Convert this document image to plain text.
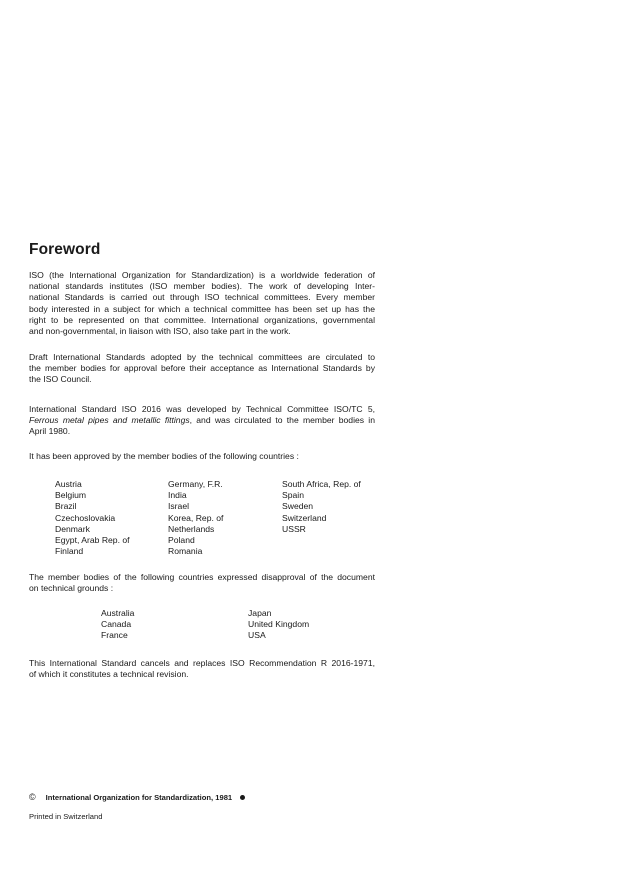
Foreword

ISO (the International Organization for Standardization) is a worldwide federation of
national standards institutes (ISO member bodies). The work of developing Inter-
national Standards is carried out through ISO technical committees. Every member
body interested in a subject for which a technical committee has been set up has the
right to be represented on that committee. International organizations, governmental
and non-governmental, in liaison with ISO, also take part in the work.

Draft International Standards adopted by the technical committees are circulated to
the member bodies for approval before their acceptance as International Standards by
the ISO Council.

International Standard ISO 2016 was developed by Technical Committee ISO/TC 5,
Ferrous metal pipes and metallic fittings, and was circulated to the member bodies in
April 1980.

It has been approved by the member bodies of the following countries :

Austria
Belgium
Brazil
Czechoslovakia
Denmark
Egypt, Arab Rep. of
Finland
Germany, F.R.
India
Israel
Korea, Rep. of
Netherlands
Poland
Romania
South Africa, Rep. of
Spain
Sweden
Switzerland
USSR

The member bodies of the following countries expressed disapproval of the document
on technical grounds :

Australia
Canada
France
Japan
United Kingdom
USA

This International Standard cancels and replaces ISO Recommendation R 2016-1971,
of which it constitutes a technical revision.

© International Organization for Standardization, 1981
Printed in Switzerland
